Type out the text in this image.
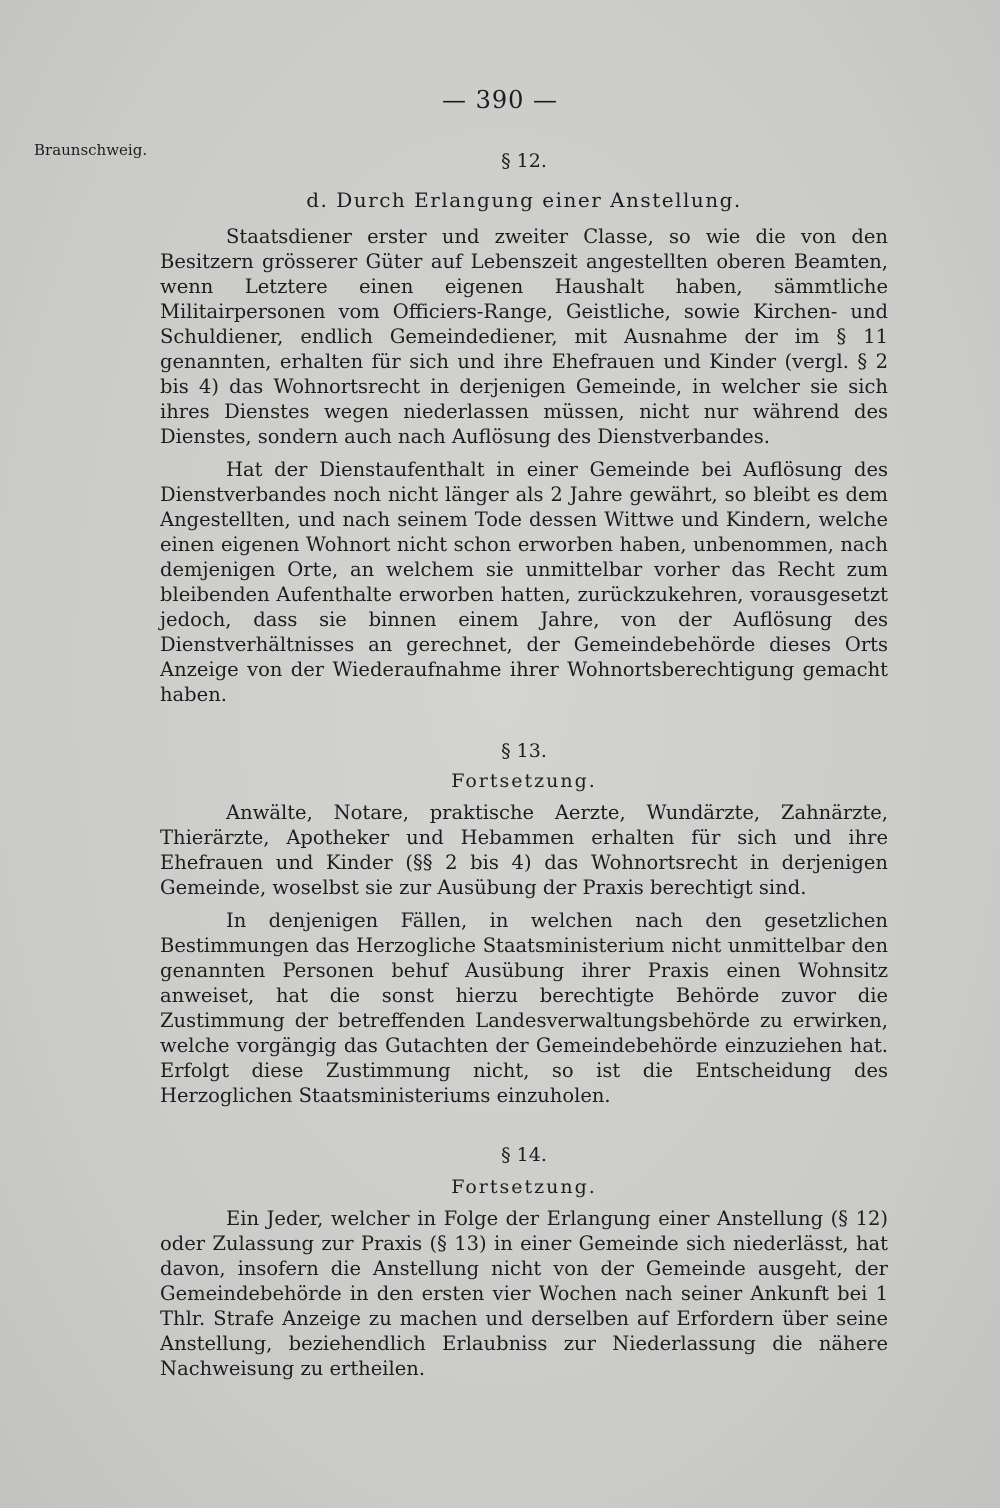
— 390 —
Braunschweig.	§ 12.

d. Durch Erlangung einer Anstellung.

Staatsdiener erster und zweiter Classe, so wie die von den Besitzern grösserer Güter auf Lebenszeit angestellten oberen Beamten, wenn Letztere einen eigenen Haushalt haben, sämmtliche Militairpersonen vom Officiers-Range, Geistliche, sowie Kirchen- und Schuldiener, endlich Gemeindediener, mit Ausnahme der im § 11 genannten, erhalten für sich und ihre Ehefrauen und Kinder (vergl. § 2 bis 4) das Wohnortsrecht in derjenigen Gemeinde, in welcher sie sich ihres Dienstes wegen niederlassen müssen, nicht nur während des Dienstes, sondern auch nach Auflösung des Dienstverbandes.

Hat der Dienstaufenthalt in einer Gemeinde bei Auflösung des Dienstverbandes noch nicht länger als 2 Jahre gewährt, so bleibt es dem Angestellten, und nach seinem Tode dessen Wittwe und Kindern, welche einen eigenen Wohnort nicht schon erworben haben, unbenommen, nach demjenigen Orte, an welchem sie unmittelbar vorher das Recht zum bleibenden Aufenthalte erworben hatten, zurückzukehren, vorausgesetzt jedoch, dass sie binnen einem Jahre, von der Auflösung des Dienstverhältnisses an gerechnet, der Gemeindebehörde dieses Orts Anzeige von der Wiederaufnahme ihrer Wohnortsberechtigung gemacht haben.

§ 13.

Fortsetzung.

Anwälte, Notare, praktische Aerzte, Wundärzte, Zahnärzte, Thierärzte, Apotheker und Hebammen erhalten für sich und ihre Ehefrauen und Kinder (§§ 2 bis 4) das Wohnortsrecht in derjenigen Gemeinde, woselbst sie zur Ausübung der Praxis berechtigt sind.

In denjenigen Fällen, in welchen nach den gesetzlichen Bestimmungen das Herzogliche Staatsministerium nicht unmittelbar den genannten Personen behuf Ausübung ihrer Praxis einen Wohnsitz anweiset, hat die sonst hierzu berechtigte Behörde zuvor die Zustimmung der betreffenden Landesverwaltungsbehörde zu erwirken, welche vorgängig das Gutachten der Gemeindebehörde einzuziehen hat. Erfolgt diese Zustimmung nicht, so ist die Entscheidung des Herzoglichen Staatsministeriums einzuholen.

§ 14.

Fortsetzung.

Ein Jeder, welcher in Folge der Erlangung einer Anstellung (§ 12) oder Zulassung zur Praxis (§ 13) in einer Gemeinde sich niederlässt, hat davon, insofern die Anstellung nicht von der Gemeinde ausgeht, der Gemeindebehörde in den ersten vier Wochen nach seiner Ankunft bei 1 Thlr. Strafe Anzeige zu machen und derselben auf Erfordern über seine Anstellung, beziehendlich Erlaubniss zur Niederlassung die nähere Nachweisung zu ertheilen.
